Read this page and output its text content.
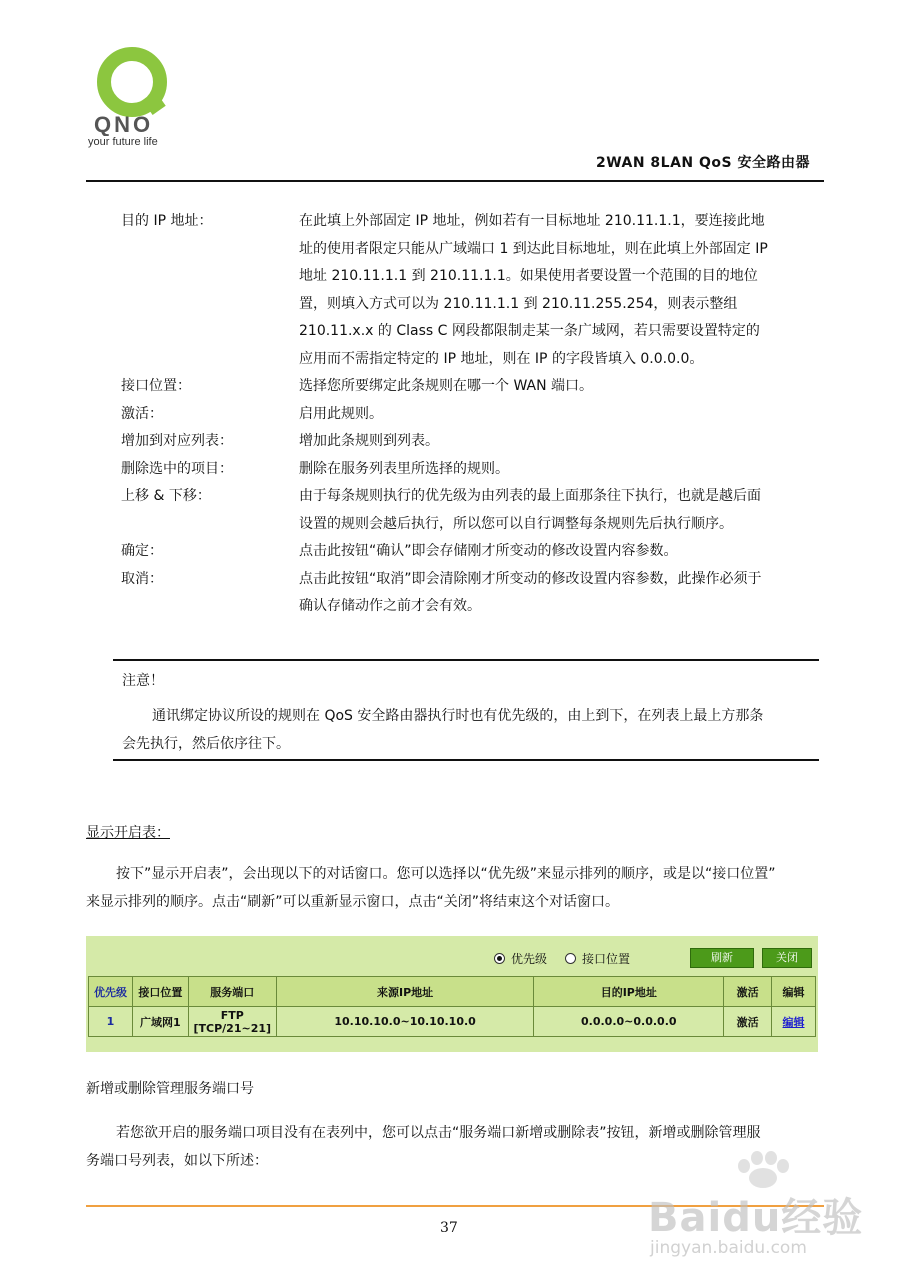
QNO
your future life
2WAN 8LAN QoS 安全路由器
目的 IP 地址：	在此填上外部固定 IP 地址，例如若有一目标地址 210.11.1.1，要连接此地
址的使用者限定只能从广域端口 1 到达此目标地址，则在此填上外部固定 IP
地址 210.11.1.1 到 210.11.1.1。如果使用者要设置一个范围的目的地位
置，则填入方式可以为 210.11.1.1 到 210.11.255.254，则表示整组
210.11.x.x 的 Class C 网段都限制走某一条广域网，若只需要设置特定的
应用而不需指定特定的 IP 地址，则在 IP 的字段皆填入 0.0.0.0。
接口位置：	选择您所要绑定此条规则在哪一个 WAN 端口。
激活：	启用此规则。
增加到对应列表：	增加此条规则到列表。
删除选中的项目：	删除在服务列表里所选择的规则。
上移 & 下移：	由于每条规则执行的优先级为由列表的最上面那条往下执行，也就是越后面
设置的规则会越后执行，所以您可以自行调整每条规则先后执行顺序。
确定：	点击此按钮“确认”即会存储刚才所变动的修改设置内容参数。
取消：	点击此按钮“取消”即会清除刚才所变动的修改设置内容参数，此操作必须于
确认存储动作之前才会有效。
注意！
通讯绑定协议所设的规则在 QoS 安全路由器执行时也有优先级的，由上到下，在列表上最上方那条
会先执行，然后依序往下。
显示开启表：
按下”显示开启表”，会出现以下的对话窗口。您可以选择以“优先级”来显示排列的顺序，或是以“接口位置”
来显示排列的顺序。点击“刷新”可以重新显示窗口，点击“关闭”将结束这个对话窗口。
优先级	接口位置	刷新	关闭
优先级	接口位置	服务端口	来源IP地址	目的IP地址	激活	编辑
1	广域网1	FTP
[TCP/21~21]	10.10.10.0~10.10.10.0	0.0.0.0~0.0.0.0	激活	编辑
新增或删除管理服务端口号
若您欲开启的服务端口项目没有在表列中，您可以点击“服务端口新增或删除表”按钮，新增或删除管理服
务端口号列表，如以下所述：
37	Baidu经验
jingyan.baidu.com
